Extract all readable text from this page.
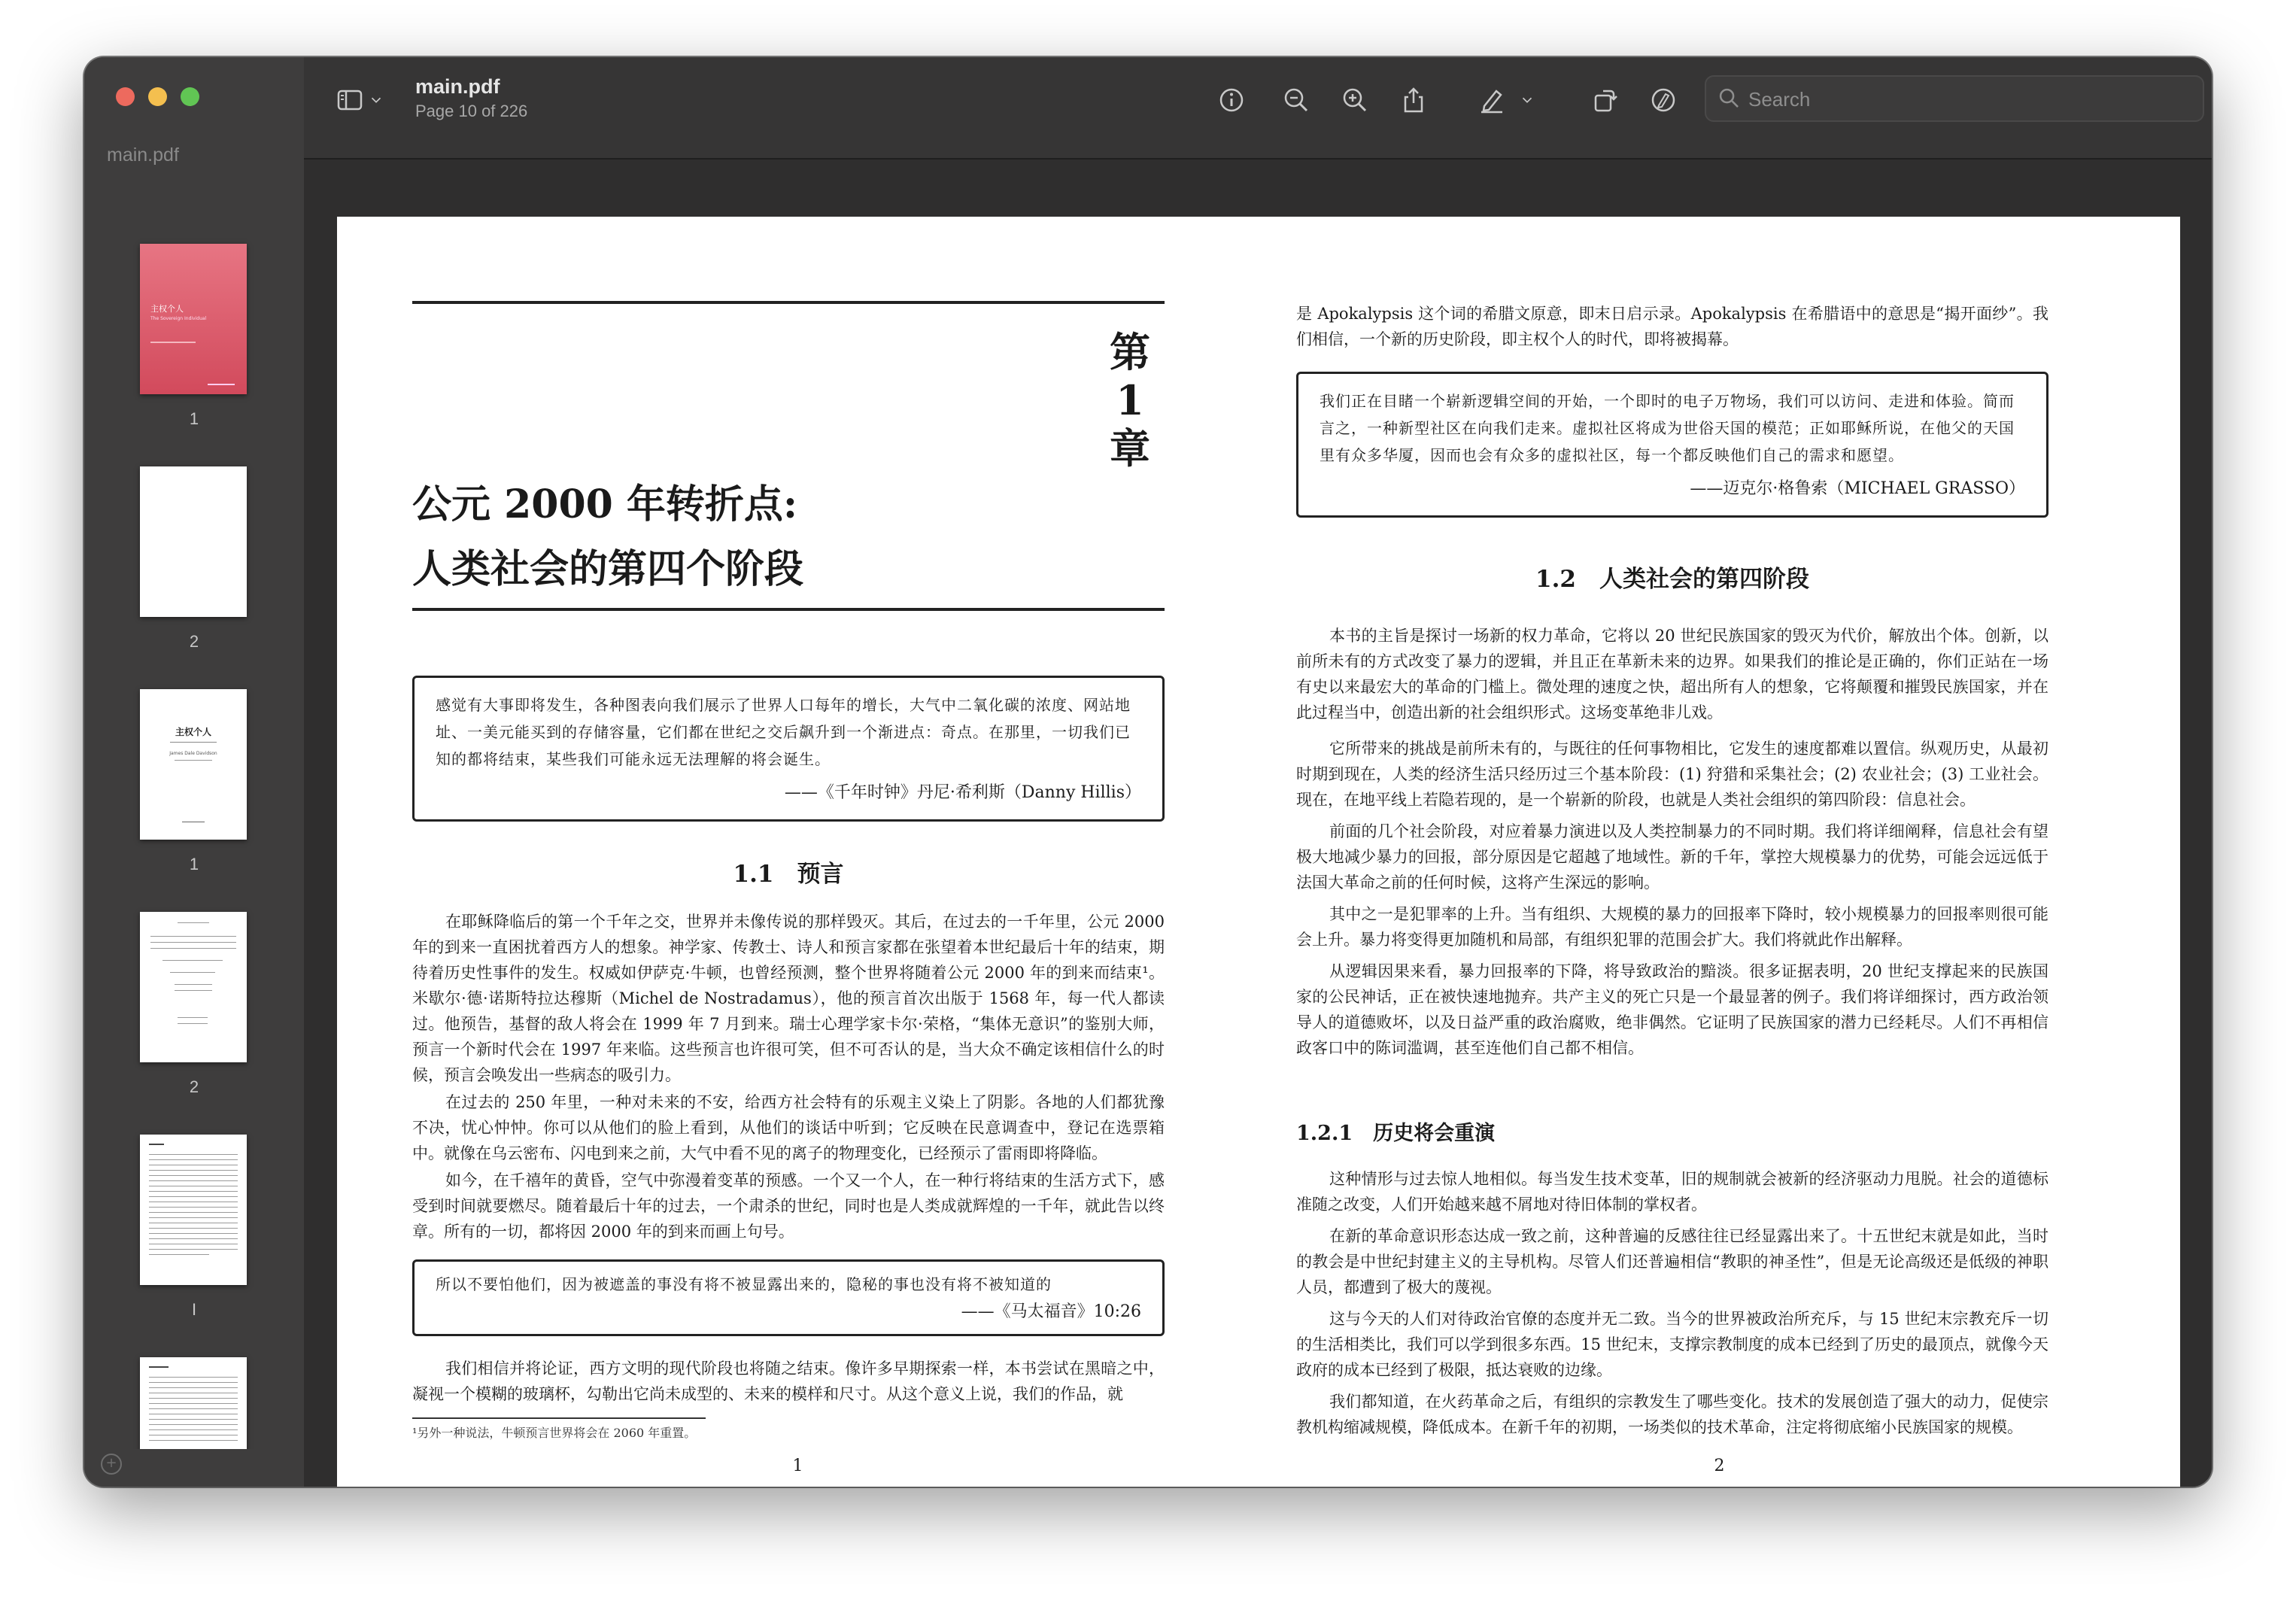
main.pdf
主权个人
The Sovereign Individual
1
2
主权个人
James Dale Davidson
1
2
I
+
main.pdf
Page 10 of 226
Search
第
1
章
公元 2000 年转折点:
人类社会的第四个阶段
感觉有大事即将发生，各种图表向我们展示了世界人口每年的增长，大气中二氧化碳的浓度、网站地址、一美元能买到的存储容量，它们都在世纪之交后飙升到一个渐进点：奇点。在那里，一切我们已知的都将结束，某些我们可能永远无法理解的将会诞生。
——《千年时钟》丹尼·希利斯（Danny Hillis）
1.1　预言
在耶稣降临后的第一个千年之交，世界并未像传说的那样毁灭。其后，在过去的一千年里，公元 2000 年的到来一直困扰着西方人的想象。神学家、传教士、诗人和预言家都在张望着本世纪最后十年的结束，期待着历史性事件的发生。权威如伊萨克·牛顿，也曾经预测，整个世界将随着公元 2000 年的到来而结束¹。米歇尔·德·诺斯特拉达穆斯（Michel de Nostradamus），他的预言首次出版于 1568 年，每一代人都读过。他预告，基督的敌人将会在 1999 年 7 月到来。瑞士心理学家卡尔·荣格，“集体无意识”的鉴别大师，预言一个新时代会在 1997 年来临。这些预言也许很可笑，但不可否认的是，当大众不确定该相信什么的时候，预言会唤发出一些病态的吸引力。
在过去的 250 年里，一种对未来的不安，给西方社会特有的乐观主义染上了阴影。各地的人们都犹豫不决，忧心忡忡。你可以从他们的脸上看到，从他们的谈话中听到；它反映在民意调查中，登记在选票箱中。就像在乌云密布、闪电到来之前，大气中看不见的离子的物理变化，已经预示了雷雨即将降临。
如今，在千禧年的黄昏，空气中弥漫着变革的预感。一个又一个人，在一种行将结束的生活方式下，感受到时间就要燃尽。随着最后十年的过去，一个肃杀的世纪，同时也是人类成就辉煌的一千年，就此告以终章。所有的一切，都将因 2000 年的到来而画上句号。
所以不要怕他们，因为被遮盖的事没有将不被显露出来的，隐秘的事也没有将不被知道的
——《马太福音》10:26
我们相信并将论证，西方文明的现代阶段也将随之结束。像许多早期探索一样，本书尝试在黑暗之中，凝视一个模糊的玻璃杯，勾勒出它尚未成型的、未来的模样和尺寸。从这个意义上说，我们的作品，就
¹另外一种说法，牛顿预言世界将会在 2060 年重置。
1
是 Apokalypsis 这个词的希腊文原意，即末日启示录。Apokalypsis 在希腊语中的意思是“揭开面纱”。我们相信，一个新的历史阶段，即主权个人的时代，即将被揭幕。
我们正在目睹一个崭新逻辑空间的开始，一个即时的电子万物场，我们可以访问、走进和体验。简而言之，一种新型社区在向我们走来。虚拟社区将成为世俗天国的模范；正如耶稣所说，在他父的天国里有众多华厦，因而也会有众多的虚拟社区，每一个都反映他们自己的需求和愿望。
——迈克尔·格鲁索（MICHAEL GRASSO）
1.2　人类社会的第四阶段
本书的主旨是探讨一场新的权力革命，它将以 20 世纪民族国家的毁灭为代价，解放出个体。创新，以前所未有的方式改变了暴力的逻辑，并且正在革新未来的边界。如果我们的推论是正确的，你们正站在一场有史以来最宏大的革命的门槛上。微处理的速度之快，超出所有人的想象，它将颠覆和摧毁民族国家，并在此过程当中，创造出新的社会组织形式。这场变革绝非儿戏。
它所带来的挑战是前所未有的，与既往的任何事物相比，它发生的速度都难以置信。纵观历史，从最初时期到现在，人类的经济生活只经历过三个基本阶段：(1) 狩猎和采集社会；(2) 农业社会；(3) 工业社会。现在，在地平线上若隐若现的，是一个崭新的阶段，也就是人类社会组织的第四阶段：信息社会。
前面的几个社会阶段，对应着暴力演进以及人类控制暴力的不同时期。我们将详细阐释，信息社会有望极大地减少暴力的回报，部分原因是它超越了地域性。新的千年，掌控大规模暴力的优势，可能会远远低于法国大革命之前的任何时候，这将产生深远的影响。
其中之一是犯罪率的上升。当有组织、大规模的暴力的回报率下降时，较小规模暴力的回报率则很可能会上升。暴力将变得更加随机和局部，有组织犯罪的范围会扩大。我们将就此作出解释。
从逻辑因果来看，暴力回报率的下降，将导致政治的黯淡。很多证据表明，20 世纪支撑起来的民族国家的公民神话，正在被快速地抛弃。共产主义的死亡只是一个最显著的例子。我们将详细探讨，西方政治领导人的道德败坏，以及日益严重的政治腐败，绝非偶然。它证明了民族国家的潜力已经耗尽。人们不再相信政客口中的陈词滥调，甚至连他们自己都不相信。
1.2.1　历史将会重演
这种情形与过去惊人地相似。每当发生技术变革，旧的规制就会被新的经济驱动力甩脱。社会的道德标准随之改变，人们开始越来越不屑地对待旧体制的掌权者。
在新的革命意识形态达成一致之前，这种普遍的反感往往已经显露出来了。十五世纪末就是如此，当时的教会是中世纪封建主义的主导机构。尽管人们还普遍相信“教职的神圣性”，但是无论高级还是低级的神职人员，都遭到了极大的蔑视。
这与今天的人们对待政治官僚的态度并无二致。当今的世界被政治所充斥，与 15 世纪末宗教充斥一切的生活相类比，我们可以学到很多东西。15 世纪末，支撑宗教制度的成本已经到了历史的最顶点，就像今天政府的成本已经到了极限，抵达衰败的边缘。
我们都知道，在火药革命之后，有组织的宗教发生了哪些变化。技术的发展创造了强大的动力，促使宗教机构缩减规模，降低成本。在新千年的初期，一场类似的技术革命，注定将彻底缩小民族国家的规模。
2
